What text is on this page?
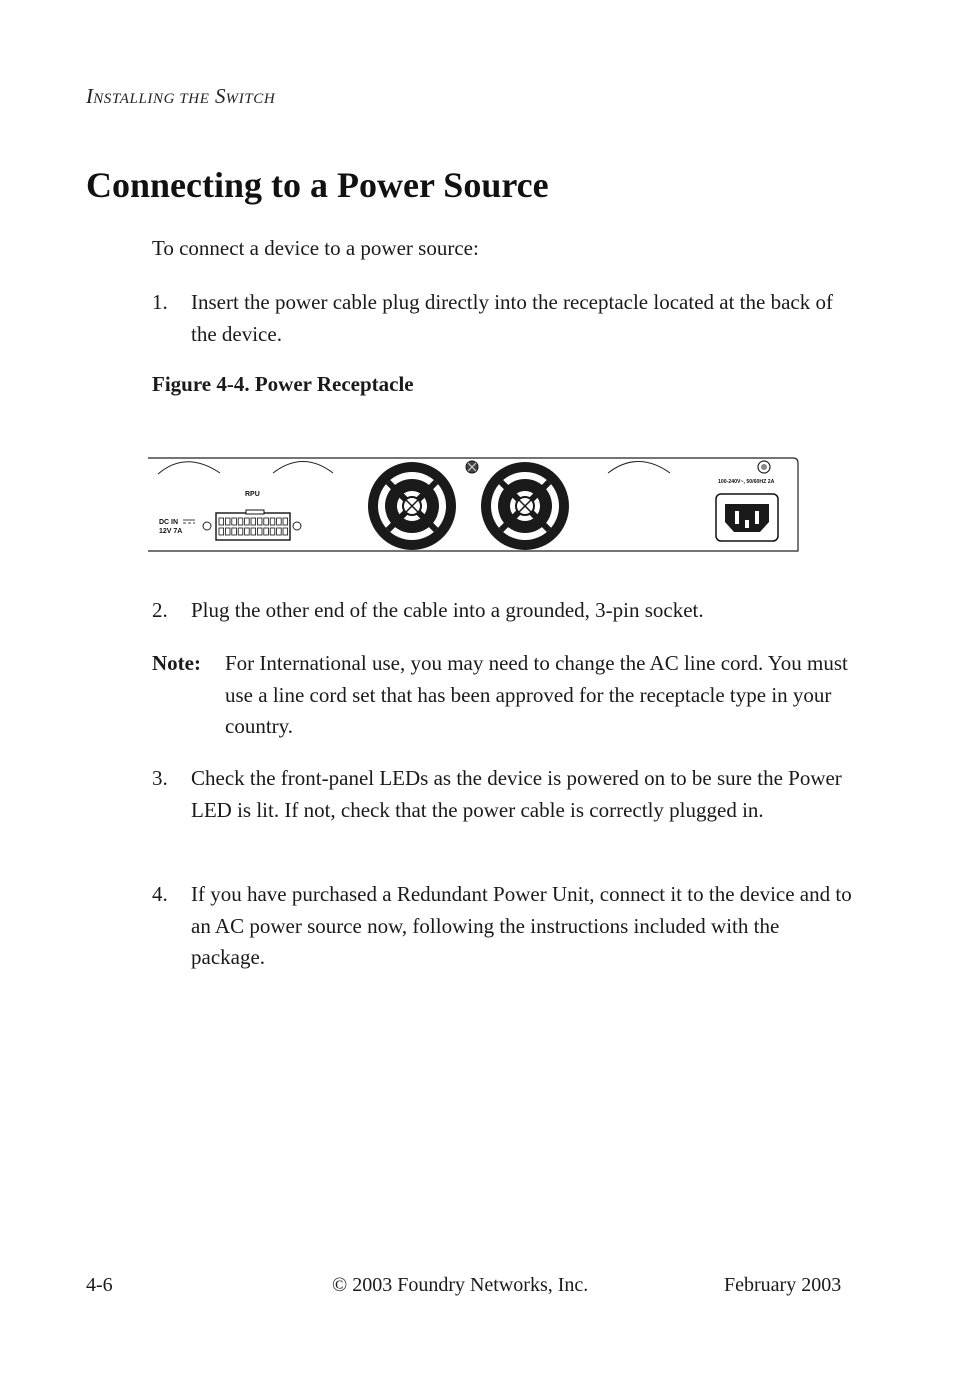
INSTALLING THE SWITCH
Connecting to a Power Source
To connect a device to a power source:
1. Insert the power cable plug directly into the receptacle located at the back of the device.
Figure 4-4. Power Receptacle
RPU
DC IN
12V 7A
100-240V~, 50/60HZ 2A
2. Plug the other end of the cable into a grounded, 3-pin socket.
Note: For International use, you may need to change the AC line cord. You must use a line cord set that has been approved for the receptacle type in your country.
3. Check the front-panel LEDs as the device is powered on to be sure the Power LED is lit. If not, check that the power cable is correctly plugged in.
4. If you have purchased a Redundant Power Unit, connect it to the device and to an AC power source now, following the instructions included with the package.
4-6	© 2003 Foundry Networks, Inc.	February 2003
